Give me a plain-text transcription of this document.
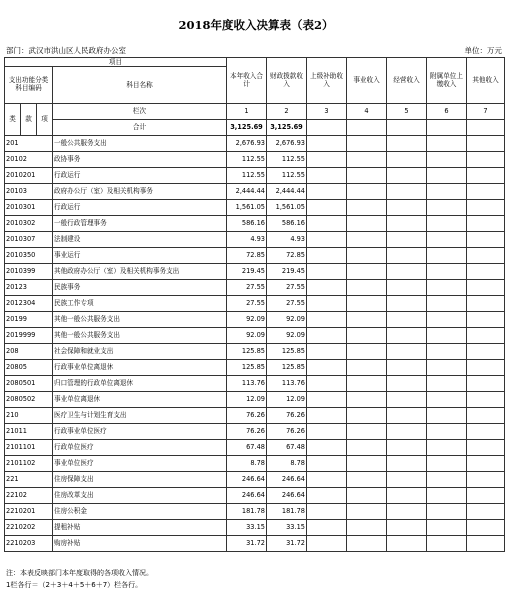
2018年度收入决算表（表2）
部门：武汉市洪山区人民政府办公室	单位：万元
项目				本年收入合计	财政拨款收入	上级补助收入	事业收入	经营收入	附属单位上缴收入	其他收入
支出功能分类科目编码			科目名称							

类	款	项								
			栏次	1	2	3	4	5	6	7
			合计	3,125.69	3,125.69					
201			一般公共服务支出	2,676.93	2,676.93					
20102			政协事务	112.55	112.55					
2010201			行政运行	112.55	112.55					
20103			政府办公厅（室）及相关机构事务	2,444.44	2,444.44					
2010301			行政运行	1,561.05	1,561.05					
2010302			一般行政管理事务	586.16	586.16					
2010307			法制建设	4.93	4.93					
2010350			事业运行	72.85	72.85					
2010399			其他政府办公厅（室）及相关机构事务支出	219.45	219.45					
20123			民族事务	27.55	27.55					
2012304			民族工作专项	27.55	27.55					
20199			其他一般公共服务支出	92.09	92.09					
2019999			其他一般公共服务支出	92.09	92.09					
208			社会保障和就业支出	125.85	125.85					
20805			行政事业单位离退休	125.85	125.85					
2080501			归口管理的行政单位离退休	113.76	113.76					
2080502			事业单位离退休	12.09	12.09					
210			医疗卫生与计划生育支出	76.26	76.26					
21011			行政事业单位医疗	76.26	76.26					
2101101			行政单位医疗	67.48	67.48					
2101102			事业单位医疗	8.78	8.78					
221			住房保障支出	246.64	246.64					
22102			住房改革支出	246.64	246.64					
2210201			住房公积金	181.78	181.78					
2210202			提租补贴	33.15	33.15					
2210203			购房补贴	31.72	31.72					
注：本表反映部门本年度取得的各项收入情况。
1栏各行＝（2＋3＋4＋5＋6＋7）栏各行。
